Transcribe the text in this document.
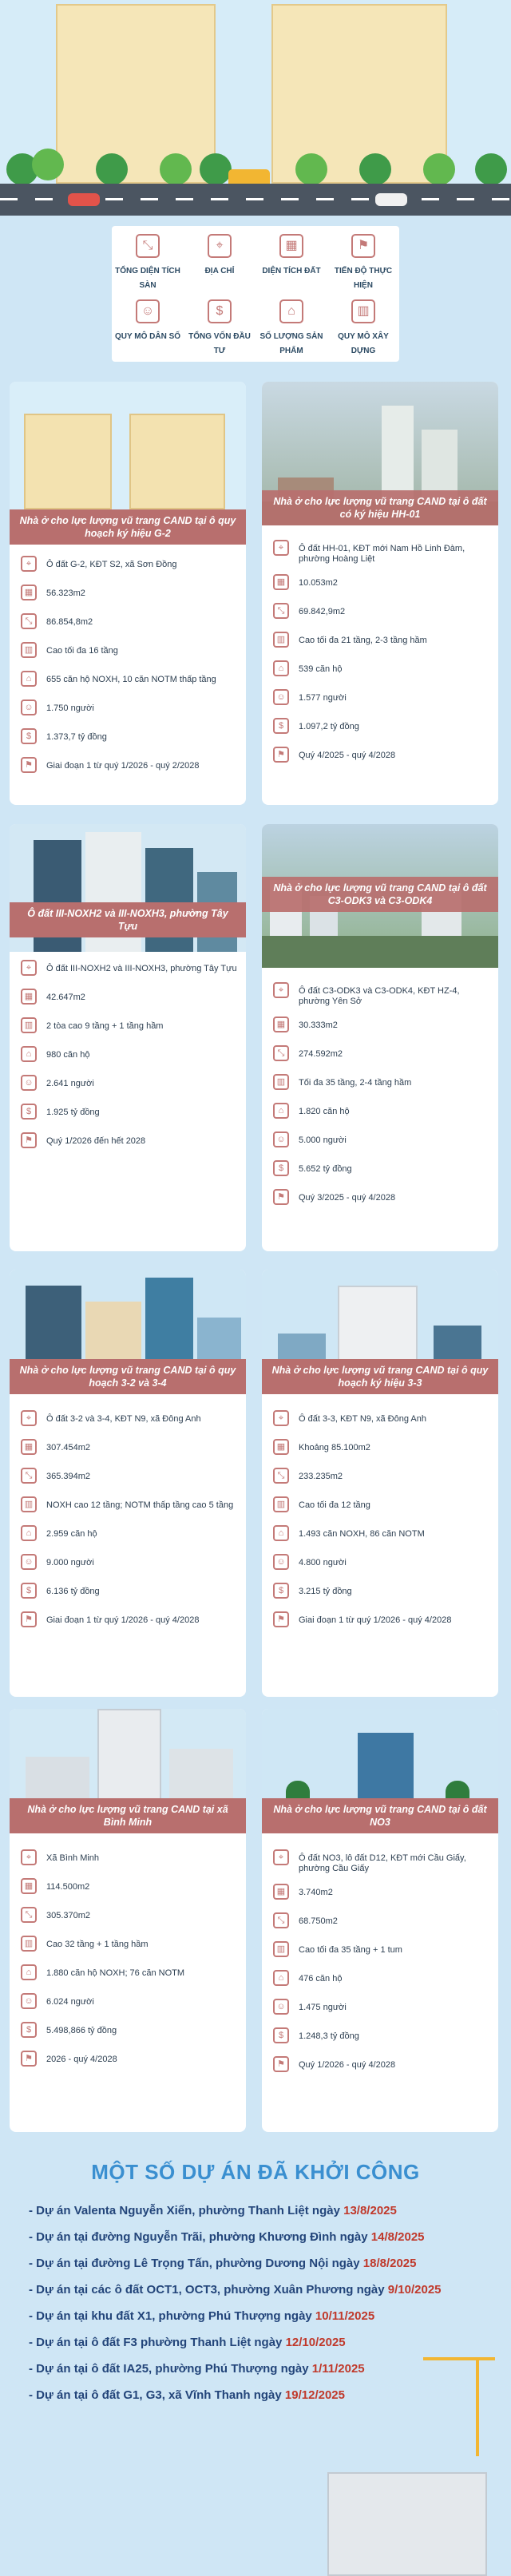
⤡
TỔNG DIỆN TÍCH SÀN
⌖
ĐỊA CHỈ
▦
DIỆN TÍCH ĐẤT
⚑
TIẾN ĐỘ THỰC HIỆN
☺
QUY MÔ DÂN SỐ
$
TỔNG VỐN ĐẦU TƯ
⌂
SỐ LƯỢNG SẢN PHẨM
▥
QUY MÔ XÂY DỰNG
Nhà ở cho lực lượng vũ trang CAND tại ô quy hoạch ký hiệu G-2
⌖	Ô đất G-2, KĐT S2, xã Sơn Đồng
▦	56.323m2
⤡	86.854,8m2
▥	Cao tối đa 16 tầng
⌂	655 căn hộ NOXH, 10 căn NOTM thấp tầng
☺	1.750 người
$	1.373,7 tỷ đồng
⚑	Giai đoạn 1 từ quý 1/2026 - quý 2/2028
Nhà ở cho lực lượng vũ trang CAND tại ô đất có ký hiệu HH-01
⌖	Ô đất HH-01, KĐT mới Nam Hồ Linh Đàm, phường Hoàng Liệt
▦	10.053m2
⤡	69.842,9m2
▥	Cao tối đa 21 tầng, 2-3 tầng hầm
⌂	539 căn hộ
☺	1.577 người
$	1.097,2 tỷ đồng
⚑	Quý 4/2025 - quý 4/2028
Ô đất III-NOXH2 và III-NOXH3, phường Tây Tựu
⌖	Ô đất III-NOXH2 và III-NOXH3, phường Tây Tựu
▦	42.647m2
▥	2 tòa cao 9 tầng + 1 tầng hầm
⌂	980 căn hộ
☺	2.641 người
$	1.925 tỷ đồng
⚑	Quý 1/2026 đến hết 2028
Nhà ở cho lực lượng vũ trang CAND tại ô đất C3-ODK3 và C3-ODK4
⌖	Ô đất C3-ODK3 và C3-ODK4, KĐT HZ-4, phường Yên Sở
▦	30.333m2
⤡	274.592m2
▥	Tối đa 35 tầng, 2-4 tầng hầm
⌂	1.820 căn hộ
☺	5.000 người
$	5.652 tỷ đồng
⚑	Quý 3/2025 - quý 4/2028
Nhà ở cho lực lượng vũ trang CAND tại ô quy hoạch 3-2 và 3-4
⌖	Ô đất 3-2 và 3-4, KĐT N9, xã Đông Anh
▦	307.454m2
⤡	365.394m2
▥	NOXH cao 12 tầng; NOTM thấp tầng cao 5 tầng
⌂	2.959 căn hộ
☺	9.000 người
$	6.136 tỷ đồng
⚑	Giai đoạn 1 từ quý 1/2026 - quý 4/2028
Nhà ở cho lực lượng vũ trang CAND tại ô quy hoạch ký hiệu 3-3
⌖	Ô đất 3-3, KĐT N9, xã Đông Anh
▦	Khoảng 85.100m2
⤡	233.235m2
▥	Cao tối đa 12 tầng
⌂	1.493 căn NOXH, 86 căn NOTM
☺	4.800 người
$	3.215 tỷ đồng
⚑	Giai đoạn 1 từ quý 1/2026 - quý 4/2028
Nhà ở cho lực lượng vũ trang CAND tại xã Bình Minh
⌖	Xã Bình Minh
▦	114.500m2
⤡	305.370m2
▥	Cao 32 tầng + 1 tầng hầm
⌂	1.880 căn hộ NOXH; 76 căn NOTM
☺	6.024 người
$	5.498,866 tỷ đồng
⚑	2026 - quý 4/2028
Nhà ở cho lực lượng vũ trang CAND tại ô đất NO3
⌖	Ô đất NO3, lô đất D12, KĐT mới Cầu Giấy, phường Cầu Giấy
▦	3.740m2
⤡	68.750m2
▥	Cao tối đa 35 tầng + 1 tum
⌂	476 căn hộ
☺	1.475 người
$	1.248,3 tỷ đồng
⚑	Quý 1/2026 - quý 4/2028
MỘT SỐ DỰ ÁN ĐÃ KHỞI CÔNG
- Dự án Valenta Nguyễn Xiển, phường Thanh Liệt ngày 13/8/2025
- Dự án tại đường Nguyễn Trãi, phường Khương Đình ngày 14/8/2025
- Dự án tại đường Lê Trọng Tấn, phường Dương Nội ngày 18/8/2025
- Dự án tại các ô đất OCT1, OCT3, phường Xuân Phương ngày 9/10/2025
- Dự án tại khu đất X1, phường Phú Thượng ngày 10/11/2025
- Dự án tại ô đất F3 phường Thanh Liệt ngày 12/10/2025
- Dự án tại ô đất IA25, phường Phú Thượng ngày 1/11/2025
- Dự án tại ô đất G1, G3, xã Vĩnh Thanh ngày 19/12/2025
